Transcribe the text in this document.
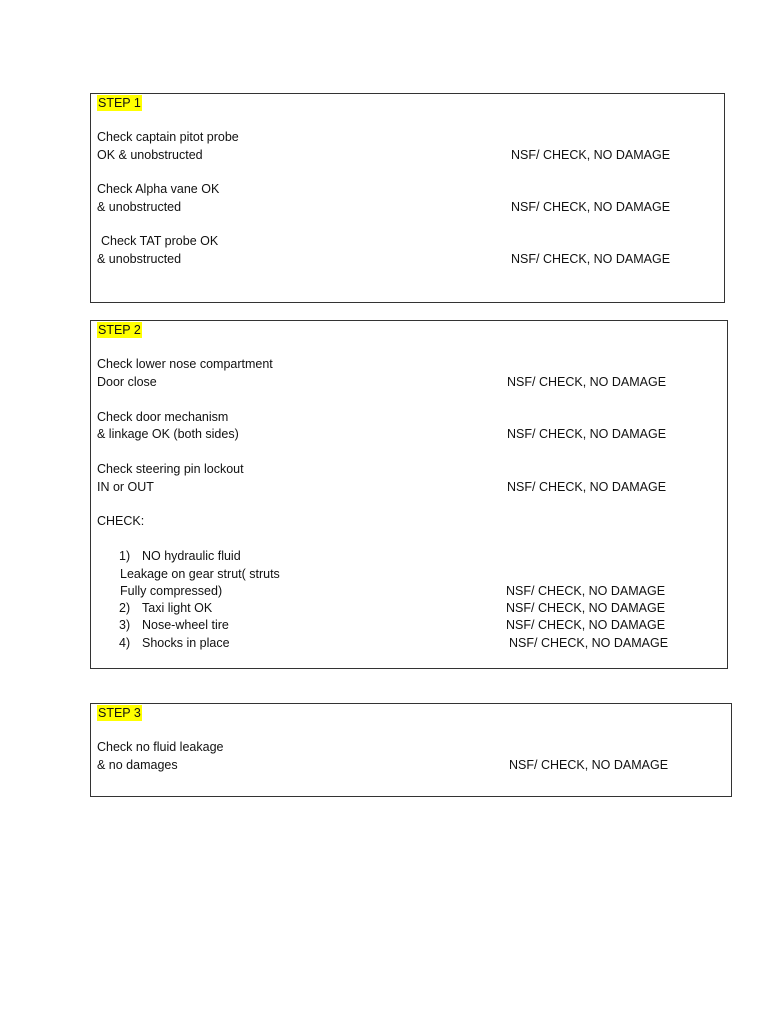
STEP 1
Check captain pitot probe
OK & unobstructed	NSF/ CHECK, NO DAMAGE
Check Alpha vane OK
& unobstructed	NSF/ CHECK, NO DAMAGE
Check TAT probe OK
& unobstructed	NSF/ CHECK, NO DAMAGE
STEP 2
Check lower nose compartment
Door close	NSF/ CHECK, NO DAMAGE
Check door mechanism
& linkage OK (both sides)	NSF/ CHECK, NO DAMAGE
Check steering pin lockout
IN or OUT	NSF/ CHECK, NO DAMAGE
CHECK:
1) NO hydraulic fluid
Leakage on gear strut( struts
Fully compressed)	NSF/ CHECK, NO DAMAGE
2) Taxi light OK	NSF/ CHECK, NO DAMAGE
3) Nose-wheel tire	NSF/ CHECK, NO DAMAGE
4) Shocks in place	NSF/ CHECK, NO DAMAGE
STEP 3
Check no fluid leakage
& no damages	NSF/ CHECK, NO DAMAGE
